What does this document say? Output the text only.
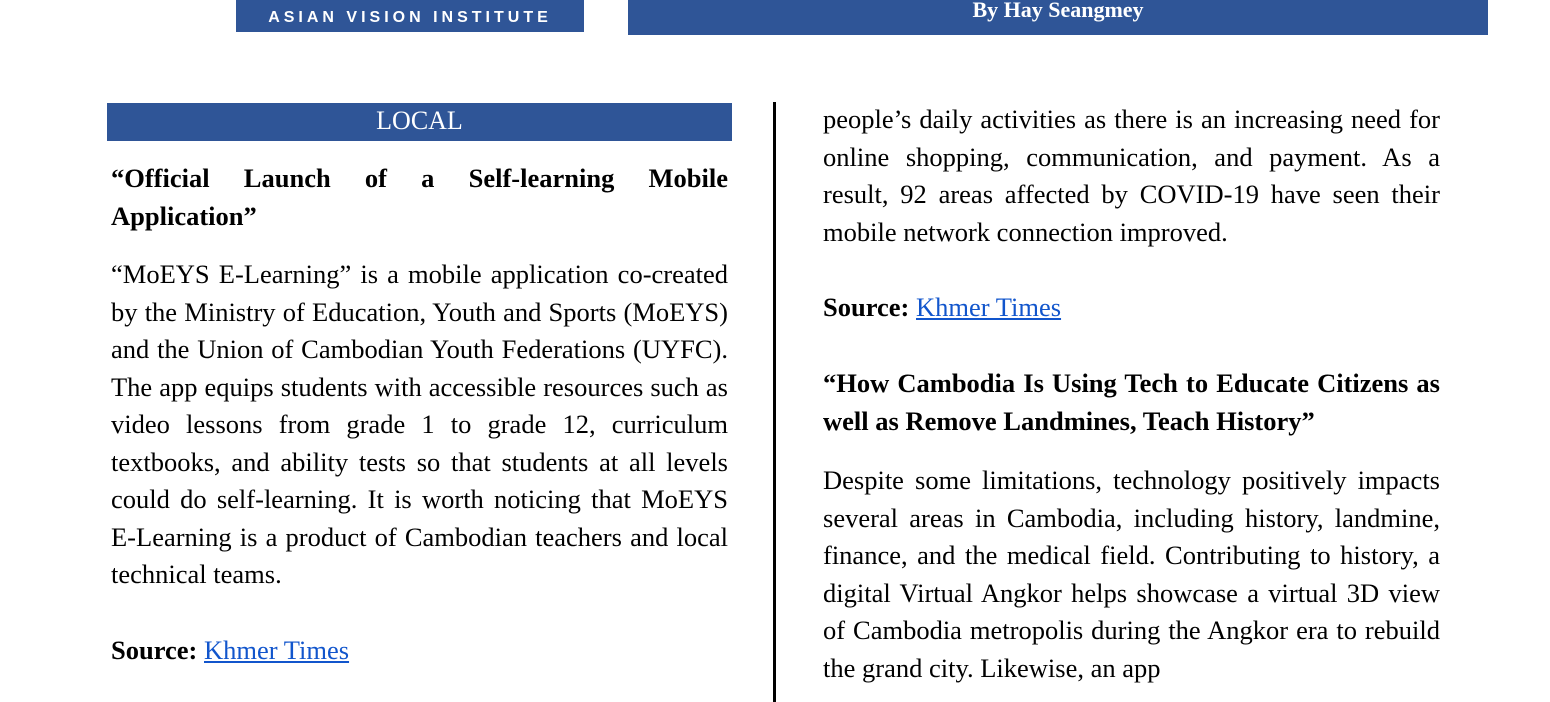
ASIAN VISION INSTITUTE	By Hay Seangmey
LOCAL

“Official Launch of a Self-learning Mobile Application”

“MoEYS E-Learning” is a mobile application co-created by the Ministry of Education, Youth and Sports (MoEYS) and the Union of Cambodian Youth Federations (UYFC). The app equips students with accessible resources such as video lessons from grade 1 to grade 12, curriculum textbooks, and ability tests so that students at all levels could do self-learning. It is worth noticing that MoEYS E-Learning is a product of Cambodian teachers and local technical teams.

Source: Khmer Times

people’s daily activities as there is an increasing need for online shopping, communication, and payment. As a result, 92 areas affected by COVID-19 have seen their mobile network connection improved.

Source: Khmer Times

“How Cambodia Is Using Tech to Educate Citizens as well as Remove Landmines, Teach History”

Despite some limitations, technology positively impacts several areas in Cambodia, including history, landmine, finance, and the medical field. Contributing to history, a digital Virtual Angkor helps showcase a virtual 3D view of Cambodia metropolis during the Angkor era to rebuild the grand city. Likewise, an app
